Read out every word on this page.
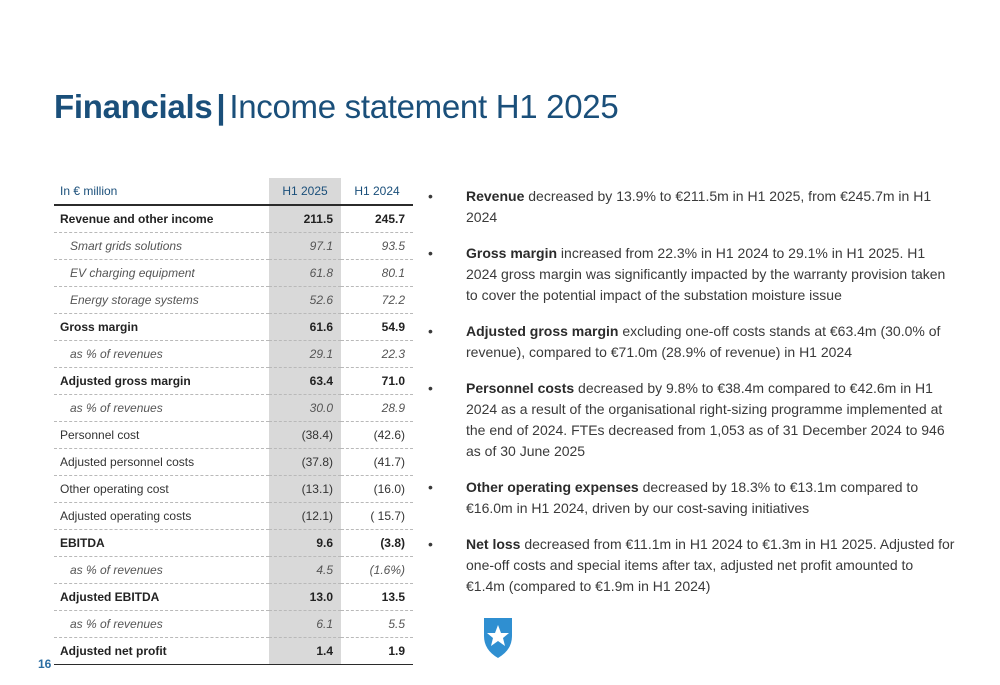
Financials | Income statement H1 2025
In € million	H1 2025	H1 2024
Revenue and other income	211.5	245.7
Smart grids solutions	97.1	93.5
EV charging equipment	61.8	80.1
Energy storage systems	52.6	72.2
Gross margin	61.6	54.9
as % of revenues	29.1	22.3
Adjusted gross margin	63.4	71.0
as % of revenues	30.0	28.9
Personnel cost	(38.4)	(42.6)
Adjusted personnel costs	(37.8)	(41.7)
Other operating cost	(13.1)	(16.0)
Adjusted operating costs	(12.1)	( 15.7)
EBITDA	9.6	(3.8)
as % of revenues	4.5	(1.6%)
Adjusted EBITDA	13.0	13.5
as % of revenues	6.1	5.5
Adjusted net profit	1.4	1.9
• Revenue decreased by 13.9% to €211.5m in H1 2025, from €245.7m in H1 2024
• Gross margin increased from 22.3% in H1 2024 to 29.1% in H1 2025. H1 2024 gross margin was significantly impacted by the warranty provision taken to cover the potential impact of the substation moisture issue
• Adjusted gross margin excluding one-off costs stands at €63.4m (30.0% of revenue), compared to €71.0m (28.9% of revenue) in H1 2024
• Personnel costs decreased by 9.8% to €38.4m compared to €42.6m in H1 2024 as a result of the organisational right-sizing programme implemented at the end of 2024. FTEs decreased from 1,053 as of 31 December 2024 to 946 as of 30 June 2025
• Other operating expenses decreased by 18.3% to €13.1m compared to €16.0m in H1 2024, driven by our cost-saving initiatives
• Net loss decreased from €11.1m in H1 2024 to €1.3m in H1 2025. Adjusted for one-off costs and special items after tax, adjusted net profit amounted to €1.4m (compared to €1.9m in H1 2024)
16
